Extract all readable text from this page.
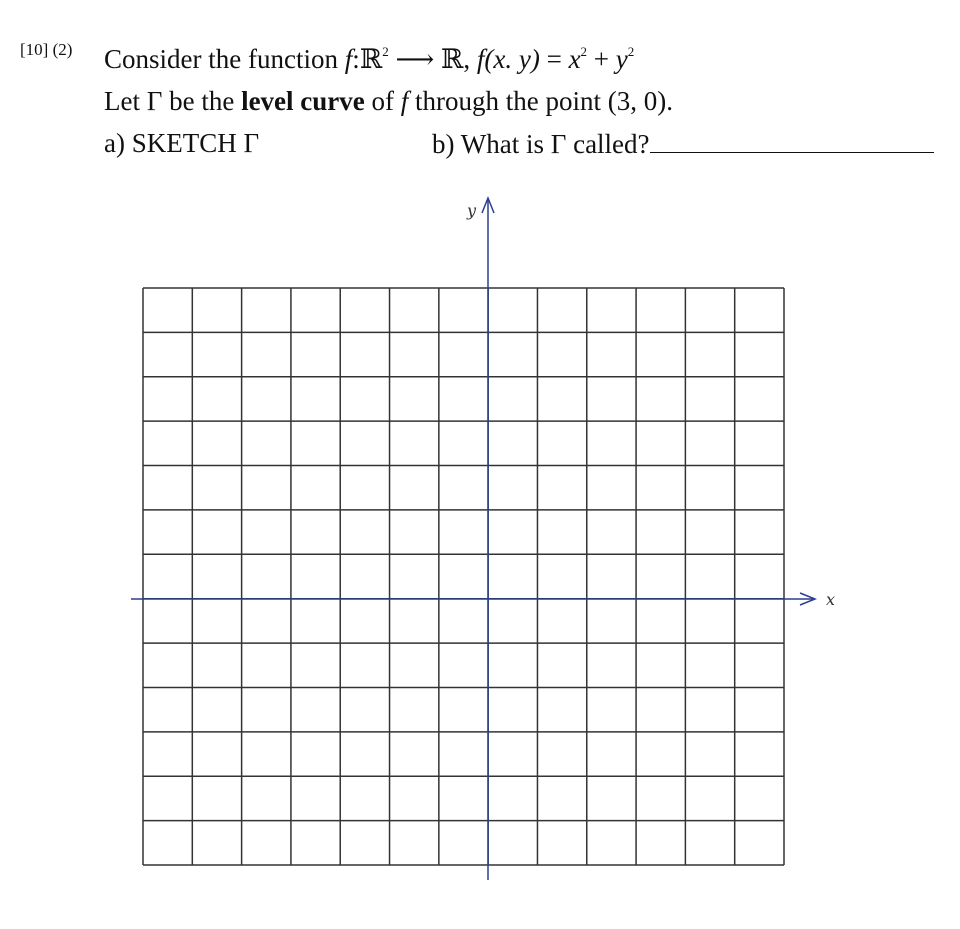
[10] (2) Consider the function f:ℝ$^2$ ⟶ ℝ, f(x. $y) = x^2 + y^2$
Let Γ be the level curve of f through the point (3, 0).
a) SKETCH Γ	b) What is Γ called?
x
y
